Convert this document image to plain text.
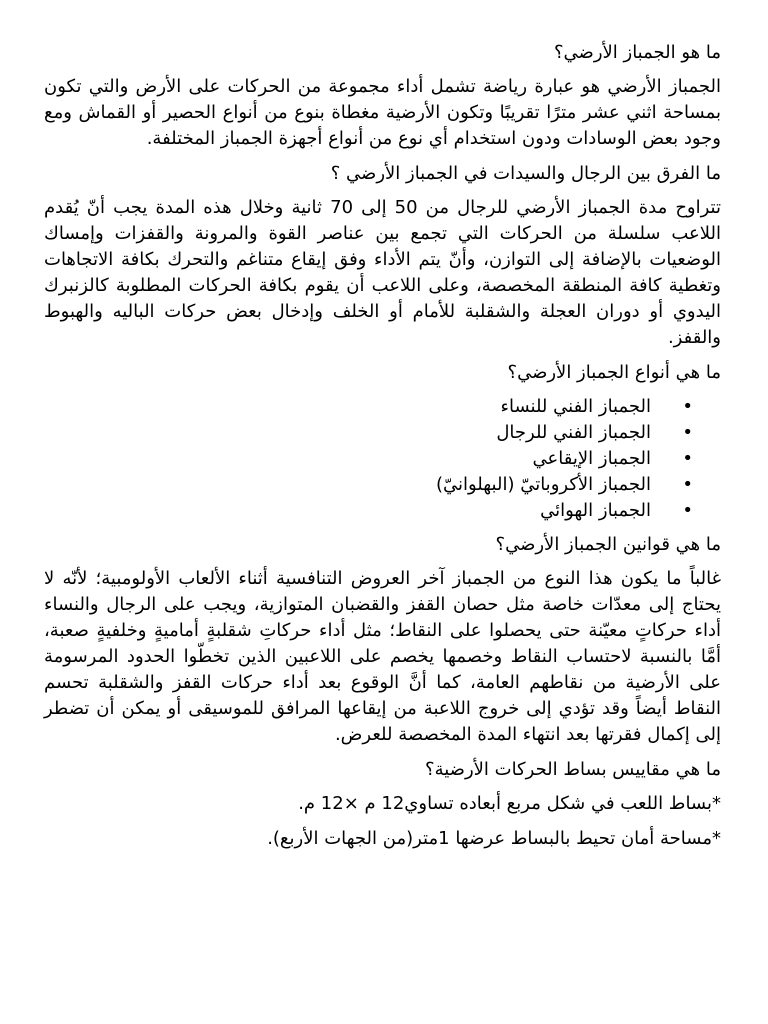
ما هو الجمباز الأرضي؟
الجمباز الأرضي هو عبارة رياضة تشمل أداء مجموعة من الحركات على الأرض والتي تكون بمساحة اثني عشر مترًا تقريبًا وتكون الأرضية مغطاة بنوع من أنواع الحصير أو القماش ومع وجود بعض الوسادات ودون استخدام أي نوع من أنواع أجهزة الجمباز المختلفة.
ما الفرق بين الرجال والسيدات في الجمباز الأرضي ؟
تتراوح مدة الجمباز الأرضي للرجال من 50 إلى 70 ثانية وخلال هذه المدة يجب أنّ يُقدم اللاعب سلسلة من الحركات التي تجمع بين عناصر القوة والمرونة والقفزات وإمساك الوضعيات بالإضافة إلى التوازن، وأنّ يتم الأداء وفق إيقاع متناغم والتحرك بكافة الاتجاهات وتغطية كافة المنطقة المخصصة، وعلى اللاعب أن يقوم بكافة الحركات المطلوبة كالزنبرك اليدوي أو دوران العجلة والشقلبة للأمام أو الخلف وإدخال بعض حركات الباليه والهبوط والقفز.
ما هي أنواع الجمباز الأرضي؟
•
الجمباز الفني للنساء
•
الجمباز الفني للرجال
•
الجمباز الإيقاعي
•
الجمباز الأكروباتيّ (البهلوانيّ)
•
الجمباز الهوائي
ما هي قوانين الجمباز الأرضي؟
غالباً ما يكون هذا النوع من الجمباز آخر العروض التنافسية أثناء الألعاب الأولومبية؛ لأنّه لا يحتاج إلى معدّات خاصة مثل حصان القفز والقضبان المتوازية، ويجب على الرجال والنساء أداء حركاتٍ معيّنة حتى يحصلوا على النقاط؛ مثل أداء حركاتِ شقلبةٍ أماميةٍ وخلفيةٍ صعبة، أمَّا بالنسبة لاحتساب النقاط وخصمها يخصم على اللاعبين الذين تخطّوا الحدود المرسومة على الأرضية من نقاطهم العامة، كما أنَّ الوقوع بعد أداء حركات القفز والشقلبة تحسم النقاط أيضاً وقد تؤدي إلى خروج اللاعبة من إيقاعها المرافق للموسيقى أو يمكن أن تضطر إلى إكمال فقرتها بعد انتهاء المدة المخصصة للعرض.
ما هي مقاييس بساط الحركات الأرضية؟
*بساط اللعب في شكل مربع أبعاده تساوي12 م ×12 م.
*مساحة أمان تحيط بالبساط عرضها 1متر(من الجهات الأربع).
